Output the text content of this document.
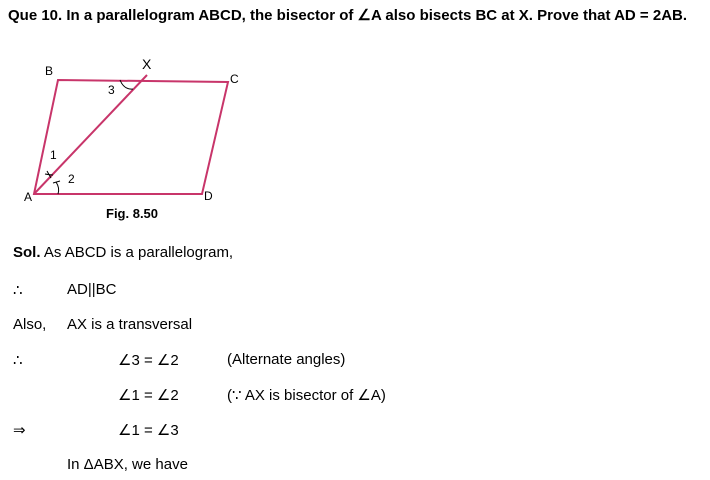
Que 10. In a parallelogram ABCD, the bisector of ∠A also bisects BC at X. Prove that AD = 2AB.
B	X
C
A	D
1
2
3
Fig. 8.50
Sol. As ABCD is a parallelogram,
∴	AD||BC
Also, AX is a transversal
∴	∠3 = ∠2	(Alternate angles)
∠1 = ∠2	(∵ AX is bisector of ∠A)
⇒	∠1 = ∠3
In ΔABX, we have
